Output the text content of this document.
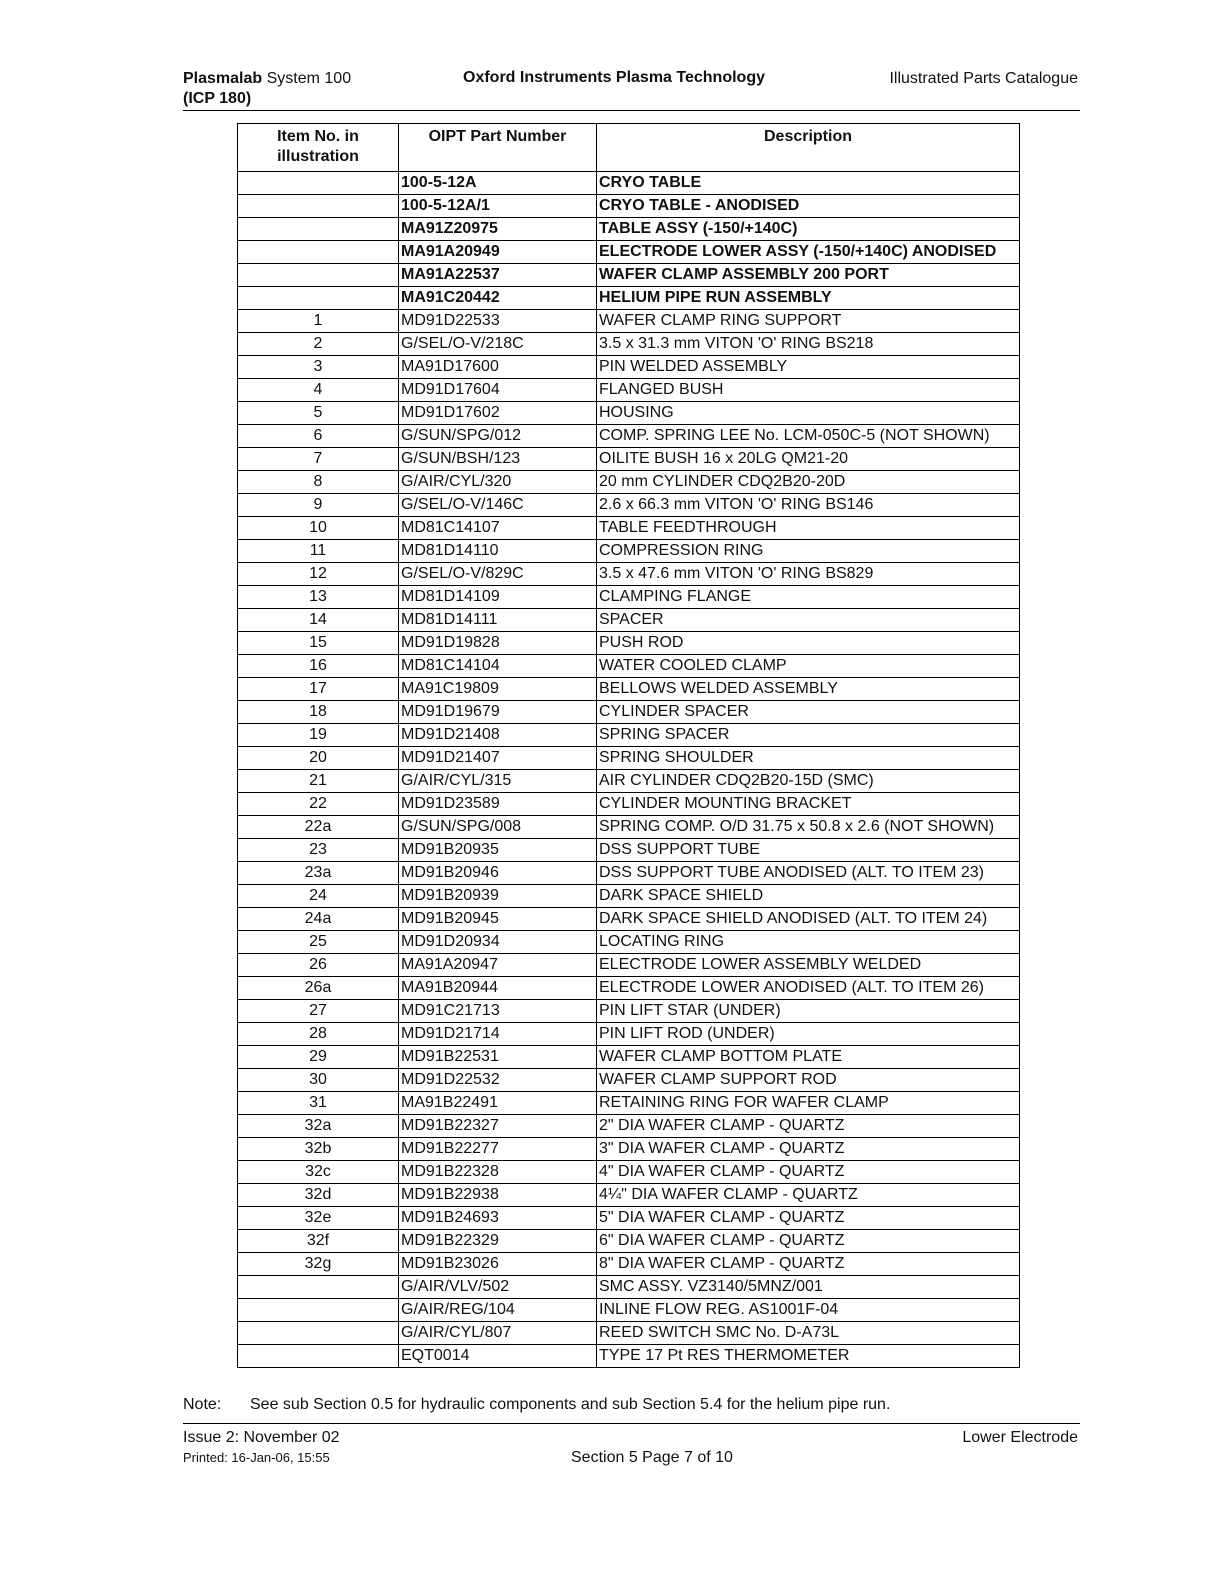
Plasmalab System 100
(ICP 180)
Oxford Instruments Plasma Technology	Illustrated Parts Catalogue
Item No. in illustration	OIPT Part Number	Description
	100-5-12A	CRYO TABLE
	100-5-12A/1	CRYO TABLE - ANODISED
	MA91Z20975	TABLE ASSY (-150/+140C)
	MA91A20949	ELECTRODE LOWER ASSY (-150/+140C) ANODISED
	MA91A22537	WAFER CLAMP ASSEMBLY 200 PORT
	MA91C20442	HELIUM PIPE RUN ASSEMBLY
1	MD91D22533	WAFER CLAMP RING SUPPORT
2	G/SEL/O-V/218C	3.5 x 31.3 mm VITON 'O' RING BS218
3	MA91D17600	PIN WELDED ASSEMBLY
4	MD91D17604	FLANGED BUSH
5	MD91D17602	HOUSING
6	G/SUN/SPG/012	COMP. SPRING LEE No. LCM-050C-5 (NOT SHOWN)
7	G/SUN/BSH/123	OILITE BUSH 16 x 20LG QM21-20
8	G/AIR/CYL/320	20 mm CYLINDER CDQ2B20-20D
9	G/SEL/O-V/146C	2.6 x 66.3 mm VITON 'O' RING BS146
10	MD81C14107	TABLE FEEDTHROUGH
11	MD81D14110	COMPRESSION RING
12	G/SEL/O-V/829C	3.5 x 47.6 mm VITON 'O' RING BS829
13	MD81D14109	CLAMPING FLANGE
14	MD81D14111	SPACER
15	MD91D19828	PUSH ROD
16	MD81C14104	WATER COOLED CLAMP
17	MA91C19809	BELLOWS WELDED ASSEMBLY
18	MD91D19679	CYLINDER SPACER
19	MD91D21408	SPRING SPACER
20	MD91D21407	SPRING SHOULDER
21	G/AIR/CYL/315	AIR CYLINDER CDQ2B20-15D (SMC)
22	MD91D23589	CYLINDER MOUNTING BRACKET
22a	G/SUN/SPG/008	SPRING COMP. O/D 31.75 x 50.8 x 2.6 (NOT SHOWN)
23	MD91B20935	DSS SUPPORT TUBE
23a	MD91B20946	DSS SUPPORT TUBE ANODISED (ALT. TO ITEM 23)
24	MD91B20939	DARK SPACE SHIELD
24a	MD91B20945	DARK SPACE SHIELD ANODISED (ALT. TO ITEM 24)
25	MD91D20934	LOCATING RING
26	MA91A20947	ELECTRODE LOWER ASSEMBLY WELDED
26a	MA91B20944	ELECTRODE LOWER ANODISED (ALT. TO ITEM 26)
27	MD91C21713	PIN LIFT STAR (UNDER)
28	MD91D21714	PIN LIFT ROD (UNDER)
29	MD91B22531	WAFER CLAMP BOTTOM PLATE
30	MD91D22532	WAFER CLAMP SUPPORT ROD
31	MA91B22491	RETAINING RING FOR WAFER CLAMP
32a	MD91B22327	2" DIA WAFER CLAMP - QUARTZ
32b	MD91B22277	3" DIA WAFER CLAMP - QUARTZ
32c	MD91B22328	4" DIA WAFER CLAMP - QUARTZ
32d	MD91B22938	4¼" DIA WAFER CLAMP - QUARTZ
32e	MD91B24693	5" DIA WAFER CLAMP - QUARTZ
32f	MD91B22329	6" DIA WAFER CLAMP - QUARTZ
32g	MD91B23026	8" DIA WAFER CLAMP - QUARTZ
	G/AIR/VLV/502	SMC ASSY. VZ3140/5MNZ/001
	G/AIR/REG/104	INLINE FLOW REG. AS1001F-04
	G/AIR/CYL/807	REED SWITCH SMC No. D-A73L
	EQT0014	TYPE 17 Pt RES THERMOMETER
Note: See sub Section 0.5 for hydraulic components and sub Section 5.4 for the helium pipe run.
Issue 2: November 02
Printed: 16-Jan-06, 15:55	Section 5 Page 7 of 10
Lower Electrode
